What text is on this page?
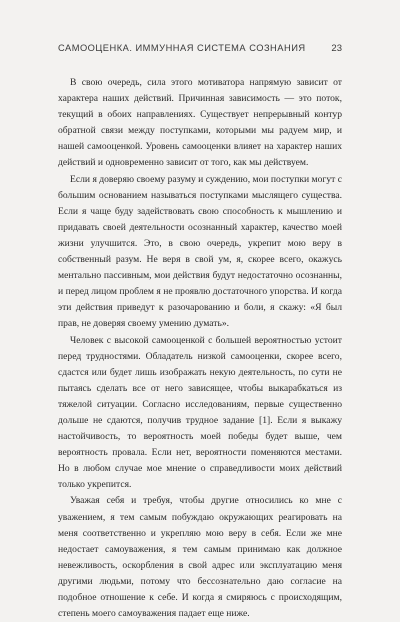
САМООЦЕНКА. ИММУННАЯ СИСТЕМА СОЗНАНИЯ	23

В свою очередь, сила этого мотиватора напрямую зависит от характера наших действий. Причинная зависимость — это поток, текущий в обоих направлениях. Существует непрерывный контур обратной связи между поступками, которыми мы радуем мир, и нашей самооценкой. Уровень самооценки влияет на характер наших действий и одновременно зависит от того, как мы действуем.

Если я доверяю своему разуму и суждению, мои поступки могут с большим основанием называться поступками мыслящего существа. Если я чаще буду задействовать свою способность к мышлению и придавать своей деятельности осознанный характер, качество моей жизни улучшится. Это, в свою очередь, укрепит мою веру в собственный разум. Не веря в свой ум, я, скорее всего, окажусь ментально пассивным, мои действия будут недостаточно осознанны, и перед лицом проблем я не проявлю достаточного упорства. И когда эти действия приведут к разочарованию и боли, я скажу: «Я был прав, не доверяя своему умению думать».

Человек с высокой самооценкой с большей вероятностью устоит перед трудностями. Обладатель низкой самооценки, скорее всего, сдастся или будет лишь изображать некую деятельность, по сути не пытаясь сделать все от него зависящее, чтобы выкарабкаться из тяжелой ситуации. Согласно исследованиям, первые существенно дольше не сдаются, получив трудное задание [1]. Если я выкажу настойчивость, то вероятность моей победы будет выше, чем вероятность провала. Если нет, вероятности поменяются местами. Но в любом случае мое мнение о справедливости моих действий только укрепится.

Уважая себя и требуя, чтобы другие относились ко мне с уважением, я тем самым побуждаю окружающих реагировать на меня соответственно и укрепляю мою веру в себя. Если же мне недостает самоуважения, я тем самым принимаю как должное невежливость, оскорбления в свой адрес или эксплуатацию меня другими людьми, потому что бессознательно даю согласие на подобное отношение к себе. И когда я смиряюсь с происходящим, степень моего самоуважения падает еще ниже.
